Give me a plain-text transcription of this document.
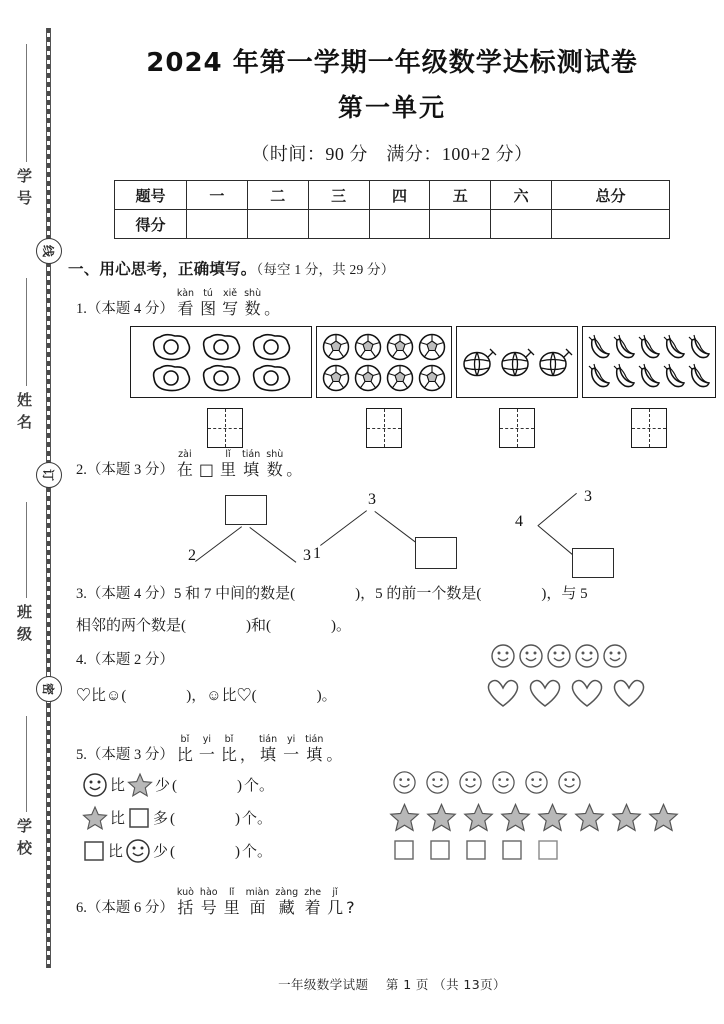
学号
线
姓名
订
班级
密
学校
2024 年第一学期一年级数学达标测试卷
第一单元
（时间：90 分　满分：100+2 分）
题号	一	二	三	四	五	六	总分
得分							
一、用心思考，正确填写。（每空 1 分，共 29 分）
1.（本题 4 分）
kàn
看
tú
图
xiě
写
shù
数 。
2.（本题 3 分）
zài
在 □
lǐ
里
tián
填
shù
数 。
2	3
3
1
4
3
3.（本题 4 分）5 和 7 中间的数是(　　　　)，5 的前一个数是(　　　　)，与 5
相邻的两个数是(　　　　)和(　　　　)。
4.（本题 2 分）
♡比☺(　　　　)，☺比♡(　　　　)。
5.（本题 3 分）
bǐ
比
yi
一
bǐ
比 ，
tián
填
yi
一
tián
填 。
比 少 (　　　　) 个。
比 多 (　　　　) 个。
比 少 (　　　　) 个。
6.（本题 6 分）
kuò
括
hào
号
lǐ
里
miàn
面
zàng
藏
zhe
着
jǐ
几 ?
一年级数学试题 第 1 页 （共 13页）
